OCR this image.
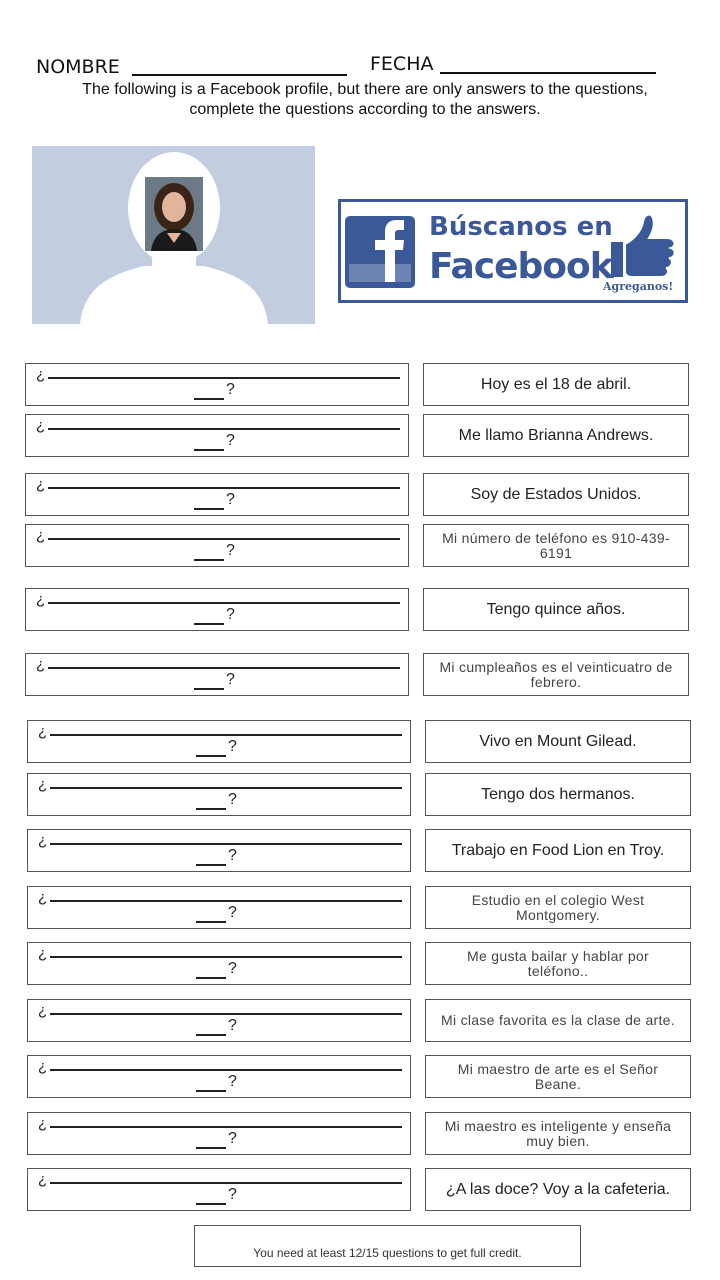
NOMBRE	FECHA
The following is a Facebook profile, but there are only answers to the questions, complete the questions according to the answers.
Búscanos en
Facebook
Agreganos!
¿
?	Hoy es el 18 de abril.
¿
?	Me llamo Brianna Andrews.
¿
?	Soy de Estados Unidos.
¿
?
Mi número de teléfono es 910-439-6191
¿
?	Tengo quince años.
¿
?
Mi cumpleaños es el veinticuatro de febrero.
¿
?	Vivo en Mount Gilead.
¿
?	Tengo dos hermanos.
¿
?	Trabajo en Food Lion en Troy.
¿
?
Estudio en el colegio West Montgomery.
¿
?
Me gusta bailar y hablar por teléfono..
¿
?	Mi clase favorita es la clase de arte.
¿
?
Mi maestro de arte es el Señor Beane.
¿
?
Mi maestro es inteligente y enseña muy bien.
¿
?	¿A las doce? Voy a la cafeteria.
You need at least 12/15 questions to get full credit.
